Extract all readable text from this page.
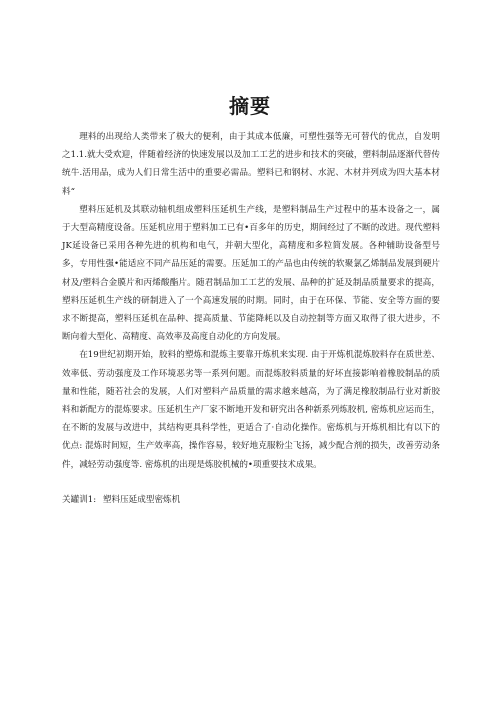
摘要

理料的出现给人类带来了极大的便利，由于其成本低廉，可塑性强等无可替代的优点，自发明之1.1.就大受欢迎，伴随着经济的快速发展以及加工工艺的进步和技术的突破，塑料制品逐渐代替传统牛.活用品，成为人们日常生活中的重要必需品。塑料已和钢材、水泥、木材并列成为四大基本材料“

塑料压延机及其联动轴机组成塑料压延机生产线，是塑料制品生产过程中的基本设备之一，属于大型高精度设备。压延机应用于塑料加工已有•百多年的历史，期间经过了不断的改进。现代塑料JK延设备已采用各种先进的机构和电气，并朝大型化，高精度和多粒简发展。各种辅助设备型号多，专用性强•能适应不同产品压延的需要。压延加工的产品也由传统的软聚氯乙烯制品发展到硬片材及/塑料合金膜片和丙烯酸酯片。随君制品加工工艺的发展、品种的扩延及制品质量要求的提高，塑料压延机生产线的研制进入了一个高速发展的时期。同时，由于在环保、节能、安全等方面的要求不断提高，塑料压延机在品种、提高质量、节能降耗以及自动控制等方面又取得了很大进步，不断向着大型化、高精度、高效率及高度自动化的方向发展。

在19世纪初期开始，胶料的塑炼和混炼主要靠开炼机来实现. 由于开炼机混炼胶料存在质世差、效率低、劳动强度及工作环境恶劣等一系列何题。而混炼胶料质量的好坏直接影响着橡胶制品的质量和性能，随若社会的发展，人们对塑料产品质量的需求越来越高，为了满足橡胶制品行业对新胶料和新配方的混炼要求。压延机生产厂家不断地开发和研究出各种新系列炼胶机, 密炼机应运而生，在不断的发展与改进中，其结构更具科学性，更适合了·自动化操作。密炼机与开炼机相比有以下的优点: 混炼时间短，生产效率高，操作容易，较好地克服粉尘飞扬，减少配合剂的损失，改善劳动条件，减轻劳动强度等. 密炼机的出现是炼胶机械的•项重要技术成果。

关罐训1: 塑料压延成型密炼机
